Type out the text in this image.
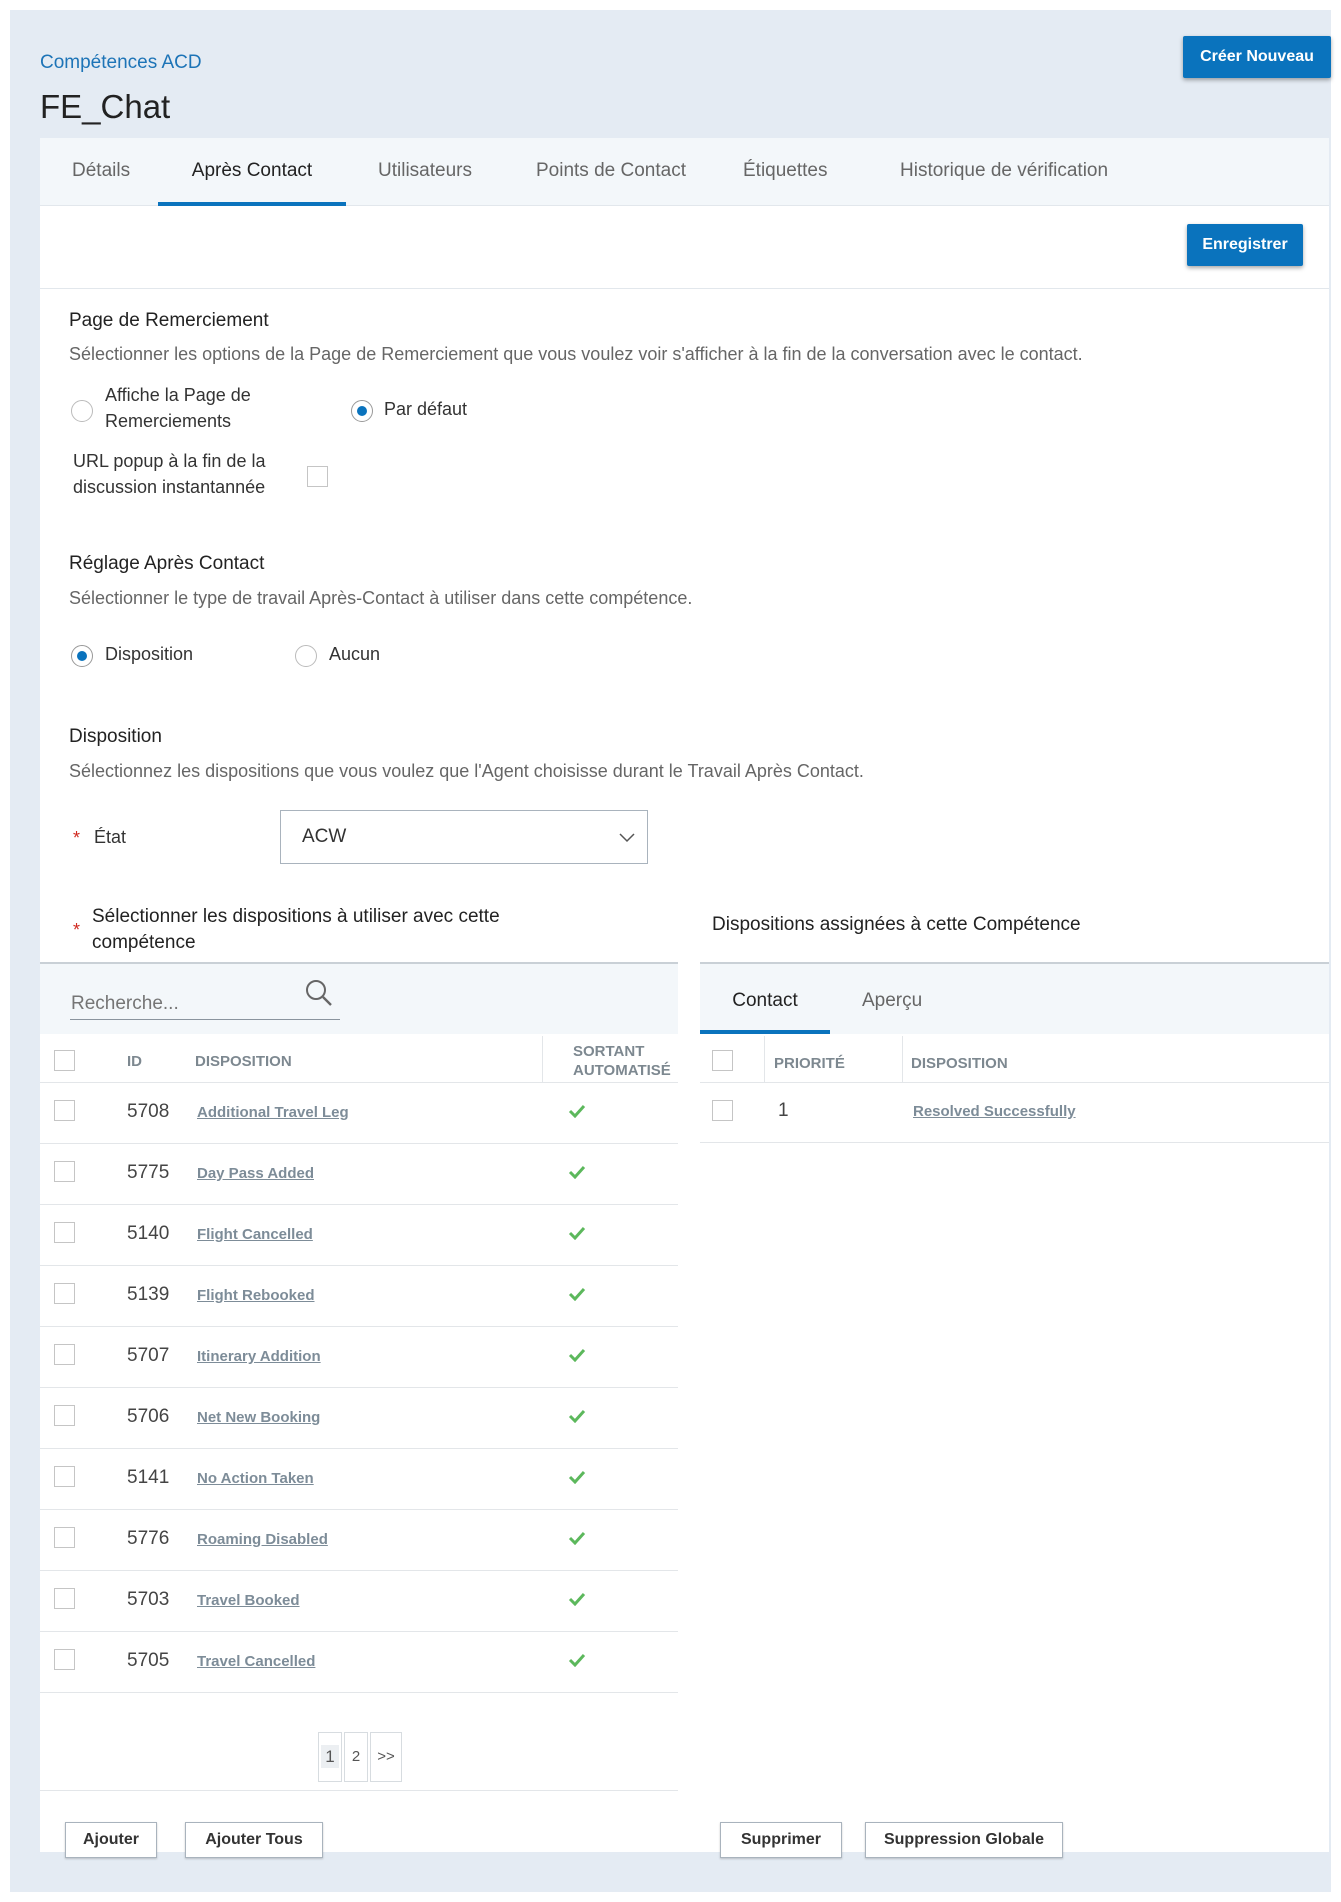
Compétences ACD
FE_Chat
Créer Nouveau
Détails	Après Contact	Utilisateurs	Points de Contact	Étiquettes	Historique de vérification
Enregistrer
Page de Remerciement
Sélectionner les options de la Page de Remerciement que vous voulez voir s'afficher à la fin de la conversation avec le contact.
Affiche la Page de Remerciements
Par défaut
URL popup à la fin de la discussion instantannée
Réglage Après Contact
Sélectionner le type de travail Après-Contact à utiliser dans cette compétence.
Disposition	Aucun
Disposition
Sélectionnez les dispositions que vous voulez que l'Agent choisisse durant le Travail Après Contact.
* État	ACW
*
Sélectionner les dispositions à utiliser avec cette compétence
Recherche...
ID	DISPOSITION
SORTANT AUTOMATISÉ
5708 Additional Travel Leg
5775 Day Pass Added
5140 Flight Cancelled
5139 Flight Rebooked
5707 Itinerary Addition
5706 Net New Booking
5141 No Action Taken
5776 Roaming Disabled
5703 Travel Booked
5705 Travel Cancelled
1	2	>>
Ajouter	Ajouter Tous
Dispositions assignées à cette Compétence
Contact	Aperçu
PRIORITÉ	DISPOSITION
1	Resolved Successfully
Supprimer	Suppression Globale
